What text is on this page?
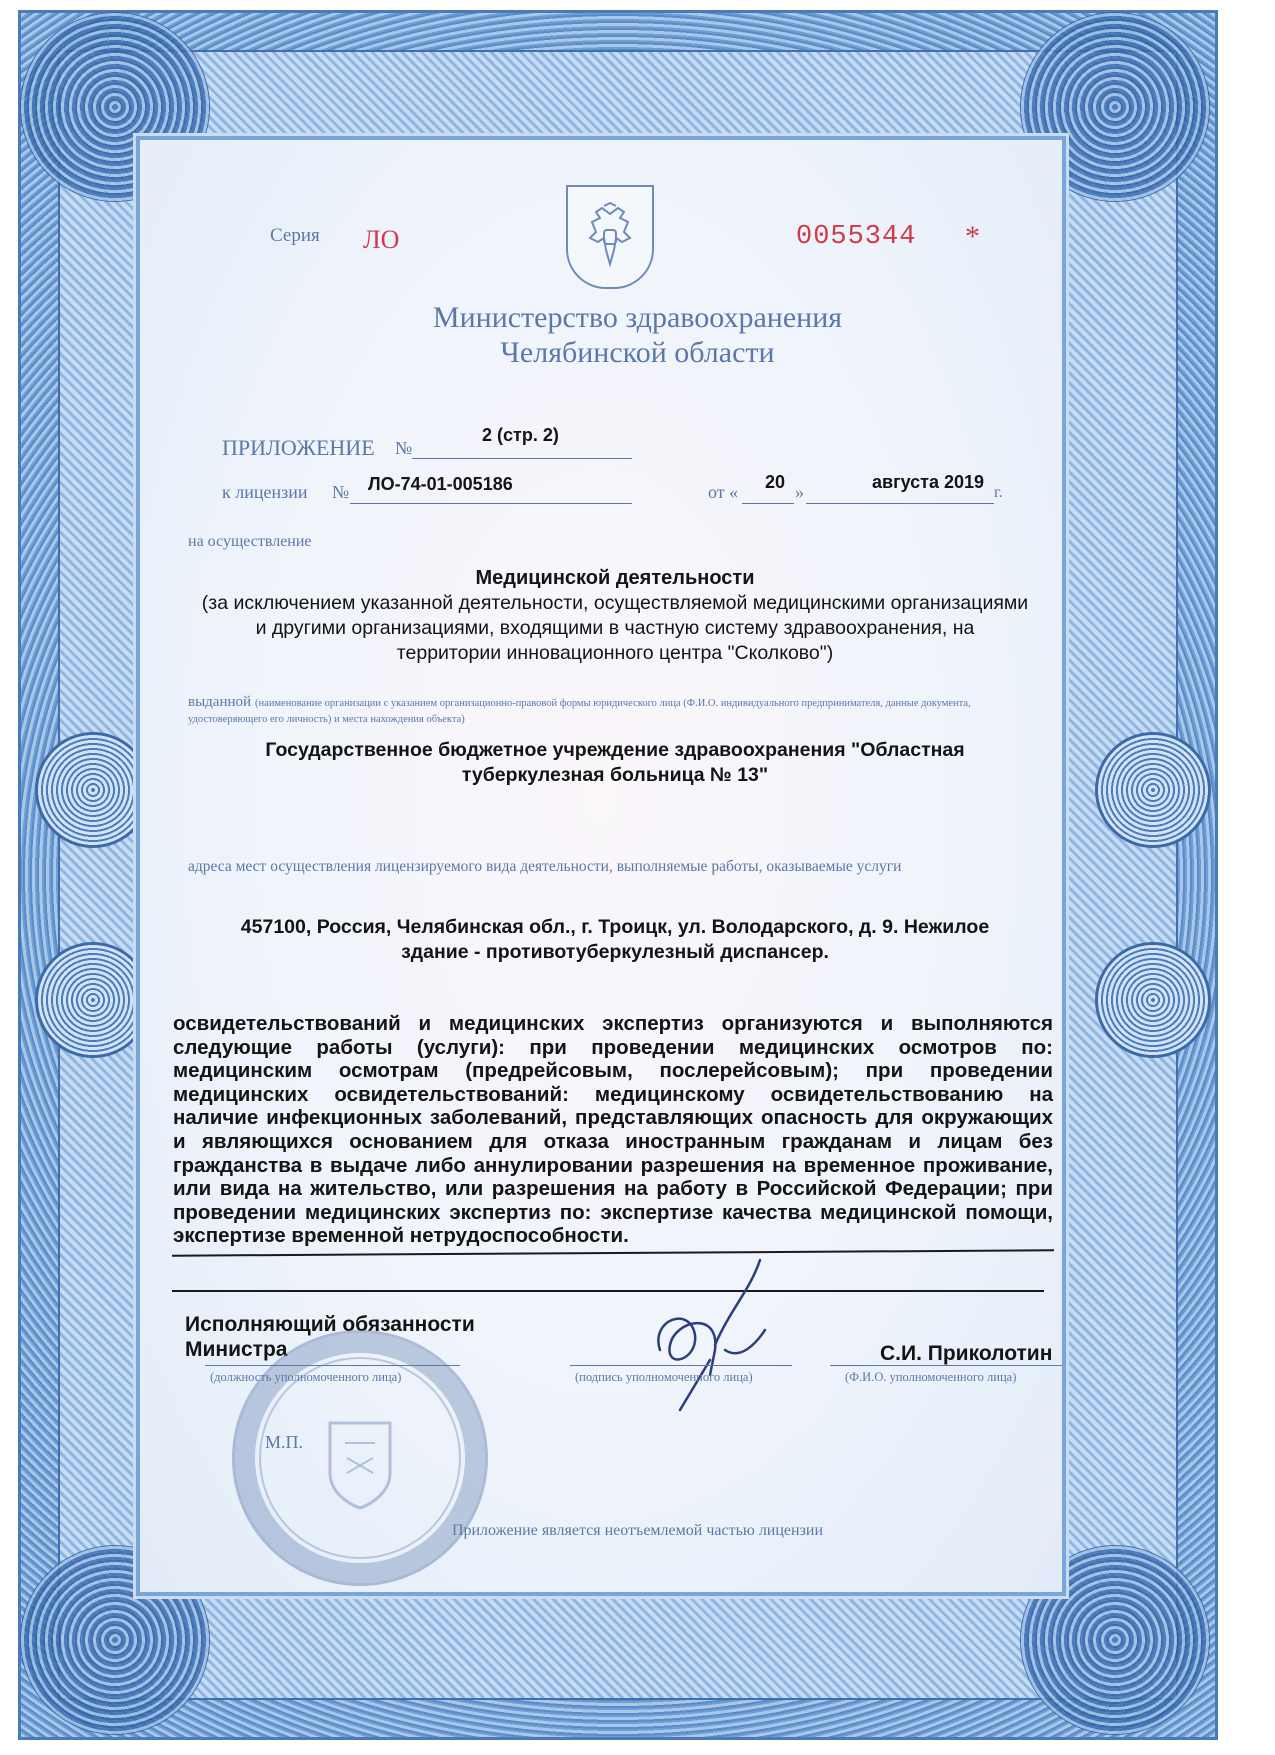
Серия ЛО	0055344 *
Министерство здравоохранения
Челябинской области
ПРИЛОЖЕНИЕ №
2 (стр. 2)
к лицензии № ЛО-74-01-005186	от « 20 »	августа 2019
г.
на осуществление
Медицинской деятельности
(за исключением указанной деятельности, осуществляемой медицинскими организациями
и другими организациями, входящими в частную систему здравоохранения, на
территории инновационного центра "Сколково")
выданной (наименование организации с указанием организационно-правовой формы юридического лица (Ф.И.О. индивидуального предпринимателя, данные документа, удостоверяющего его личность) и места нахождения объекта)
Государственное бюджетное учреждение здравоохранения "Областная
туберкулезная больница № 13"
адреса мест осуществления лицензируемого вида деятельности, выполняемые работы, оказываемые услуги
457100, Россия, Челябинская обл., г. Троицк, ул. Володарского, д. 9. Нежилое
здание - противотуберкулезный диспансер.
освидетельствований и медицинских экспертиз организуются и выполняются следующие работы (услуги): при проведении медицинских осмотров по: медицинским осмотрам (предрейсовым, послерейсовым); при проведении медицинских освидетельствований: медицинскому освидетельствованию на наличие инфекционных заболеваний, представляющих опасность для окружающих и являющихся основанием для отказа иностранным гражданам и лицам без гражданства в выдаче либо аннулировании разрешения на временное проживание, или вида на жительство, или разрешения на работу в Российской Федерации; при проведении медицинских экспертиз по: экспертизе качества медицинской помощи, экспертизе временной нетрудоспособности.
Исполняющий обязанности
Министра
(должность уполномоченного лица)	(подпись уполномоченного лица)
С.И. Приколотин
(Ф.И.О. уполномоченного лица)
М.П.
Приложение является неотъемлемой частью лицензии
